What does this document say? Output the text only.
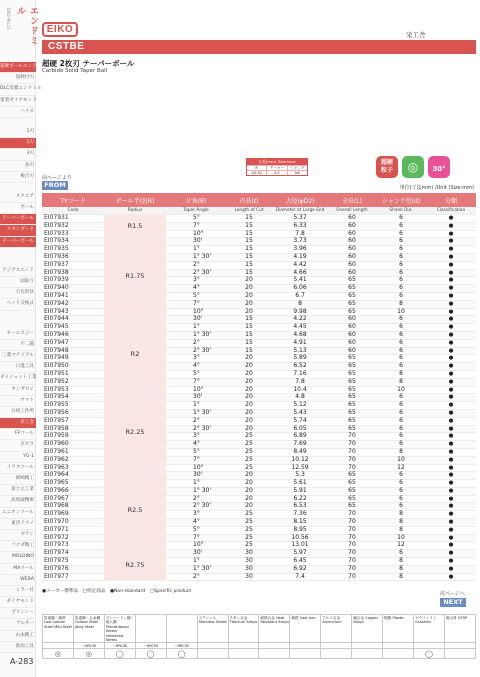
エンドミル
END MILLS
超硬ボールエンドミル
超硬付刃
DLC皮膜エンドミル
電着ダイヤモンド
ハイス
1刃
2刃
3刃
多刃
複合刃
スクエア
ボール
テーパーボール
スタンダード
テーパーボール
ラジアスエンド
面取り
刃先形状
ヘッド交換式
オーエスジー
不二越
三菱マテリアル
日進工具
ダイジェット工業
タンガロイ
ヤマト
日研工作所
栄工舎
FFツール
京セラ
YG-1
イワタツール
岡崎精工
富士元工業
高周波精密
ユニオンツール
東洋テクノ
ギケン
フクダ精工
MOLDINO
MAツール
WEBA
ミラー社
ダイヤモンド
プリンシー
ワルター
山本精工
新潟工具
A-283
EIKO	栄工舎
CSTBE
超硬 2枚刃 テーパーボール
Carbide Solid Taper Ball
公差(mm) Tolerance
R	テーパー	シャンク
±0.01	±1'	h6
超硬
粒子	◎	30°
前ページより
FROM	単位(寸法mm) /Unit (Size:mm)
TYコード	ボール半径(R)	片角(θ)	刃長(ℓ)	大径(φD2)	全長(L)	シャンク径(d)	分類
Code	Radius	Taper Angle	Length of Cut	Diameter at Large End	Overall Length	Shank Dia.	Classification
EI07931	R1.5	5°	15	5.37	60	6	●
EI07932		7°	15	6.33	60	6	●
EI07933		10°	15	7.8	60	6	●
EI07934	R1.75	30'	15	3.73	60	6	●
EI07935		1°	15	3.96	60	6	●
EI07936		1° 30'	15	4.19	60	6	●
EI07937		2°	15	4.42	60	6	●
EI07938		2° 30'	15	4.66	60	6	●
EI07939		3°	20	5.41	65	6	●
EI07940		4°	20	6.06	65	6	●
EI07941		5°	20	6.7	65	6	●
EI07942		7°	20	8	65	8	●
EI07943		10°	20	9.98	65	10	●
EI07944	R2	30'	15	4.22	60	6	●
EI07945		1°	15	4.45	60	6	●
EI07946		1° 30'	15	4.68	60	6	●
EI07947		2°	15	4.91	60	6	●
EI07948		2° 30'	15	5.13	60	6	●
EI07949		3°	20	5.89	65	6	●
EI07950		4°	20	6.52	65	6	●
EI07951		5°	20	7.16	65	8	●
EI07952		7°	20	7.8	65	8	●
EI07953		10°	20	10.4	65	10	●
EI07954	R2.25	30'	20	4.8	65	6	●
EI07955		1°	20	5.12	65	6	●
EI07956		1° 30'	20	5.43	65	6	●
EI07957		2°	20	5.74	65	6	●
EI07958		2° 30'	20	6.05	65	6	●
EI07959		3°	25	6.89	70	6	●
EI07960		4°	25	7.69	70	6	●
EI07961		5°	25	8.49	70	8	●
EI07962		7°	25	10.12	70	10	●
EI07963		10°	25	12.59	70	12	●
EI07964	R2.5	30'	20	5.3	65	6	●
EI07965		1°	20	5.61	65	6	●
EI07966		1° 30'	20	5.91	65	6	●
EI07967		2°	20	6.22	65	6	●
EI07968		2° 30'	20	6.53	65	6	●
EI07969		3°	25	7.36	70	8	●
EI07970		4°	25	8.15	70	8	●
EI07971		5°	25	8.95	70	8	●
EI07972		7°	25	10.56	70	10	●
EI07973		10°	25	13.01	70	12	●
EI07974	R2.75	30'	30	5.97	70	6	●
EI07975		1°	30	6.45	70	8	●
EI07976		1° 30'	30	6.92	70	8	●
EI07977		2°	30	7.4	70	8	●
●メーカー標準品　□特定商品　●Non-standard　□Specific product	次ページへ
NEXT
炭素鋼・鋳鉄 Low Carbon Steel Mild Steel	炭素鋼・合金鋼 Carbon Steel Alloy Steel	プレハードン鋼・焼入鋼 Prehardened Steels Hardened Steels			ステンレス Stainless Steels	チタン合金 Titanium Alloys	耐熱合金 Heat Resistant Alloys	鋳鉄 Cast Iron	アルミ合金 Aluminium	銅合金 Copper Alloys	樹脂 Plastic	グラファイト Graphite	複合材 CFRP
	〜HRC30	〜HRC40	〜HRC50	〜HRC55									
◎	◎	◯	◯	◯								◯	
